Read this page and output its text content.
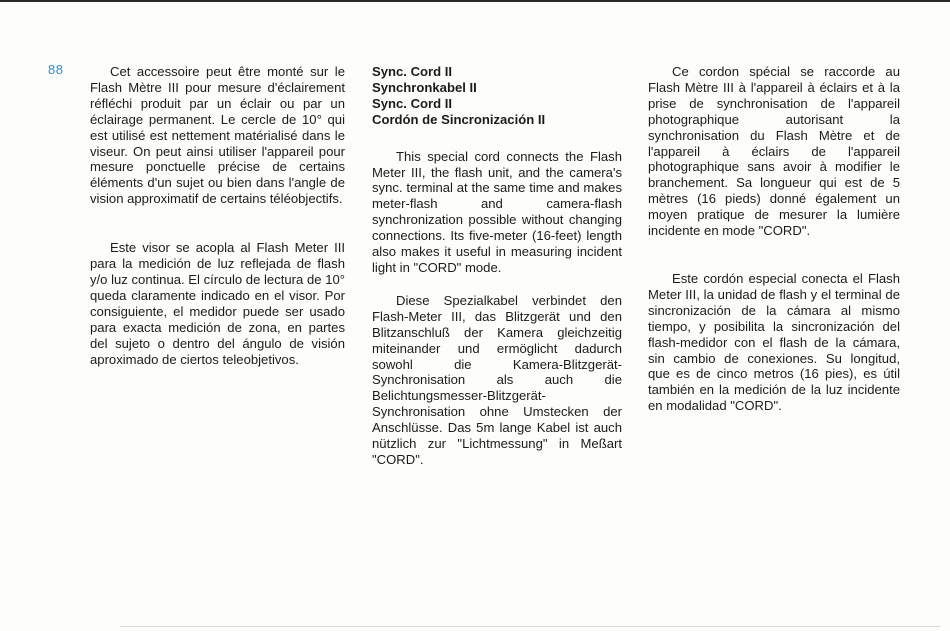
88	Cet accessoire peut être monté sur le Flash Mètre III pour mesure d'éclairement réfléchi produit par un éclair ou par un éclairage permanent. Le cercle de 10° qui est utilisé est nettement matérialisé dans le viseur. On peut ainsi utiliser l'appareil pour mesure ponctuelle précise de certains éléments d'un sujet ou bien dans l'angle de vision approximatif de certains téléobjectifs.

Este visor se acopla al Flash Meter III para la medición de luz reflejada de flash y/o luz continua. El círculo de lectura de 10° queda claramente indicado en el visor. Por consiguiente, el medidor puede ser usado para exacta medición de zona, en partes del sujeto o dentro del ángulo de visión aproximado de ciertos teleobjetivos.

Sync. Cord II

Synchronkabel II

Sync. Cord II

Cordón de Sincronización II

This special cord connects the Flash Meter III, the flash unit, and the camera's sync. terminal at the same time and makes meter-flash and camera-flash synchronization possible without changing connections. Its five-meter (16-feet) length also makes it useful in measuring incident light in "CORD" mode.

Diese Spezialkabel verbindet den Flash-Meter III, das Blitzgerät und den Blitzanschluß der Kamera gleichzeitig miteinander und ermöglicht dadurch sowohl die Kamera-Blitzgerät-Synchronisation als auch die Belichtungsmesser-Blitzgerät-Synchronisation ohne Umstecken der Anschlüsse. Das 5m lange Kabel ist auch nützlich zur "Lichtmessung" in Meßart "CORD".

Ce cordon spécial se raccorde au Flash Mètre III à l'appareil à éclairs et à la prise de synchronisation de l'appareil photographique autorisant la synchronisation du Flash Mètre et de l'appareil à éclairs de l'appareil photographique sans avoir à modifier le branchement. Sa longueur qui est de 5 mètres (16 pieds) donné également un moyen pratique de mesurer la lumière incidente en mode "CORD".

Este cordón especial conecta el Flash Meter III, la unidad de flash y el terminal de sincronización de la cámara al mismo tiempo, y posibilita la sincronización del flash-medidor con el flash de la cámara, sin cambio de conexiones. Su longitud, que es de cinco metros (16 pies), es útil también en la medición de la luz incidente en modalidad "CORD".
